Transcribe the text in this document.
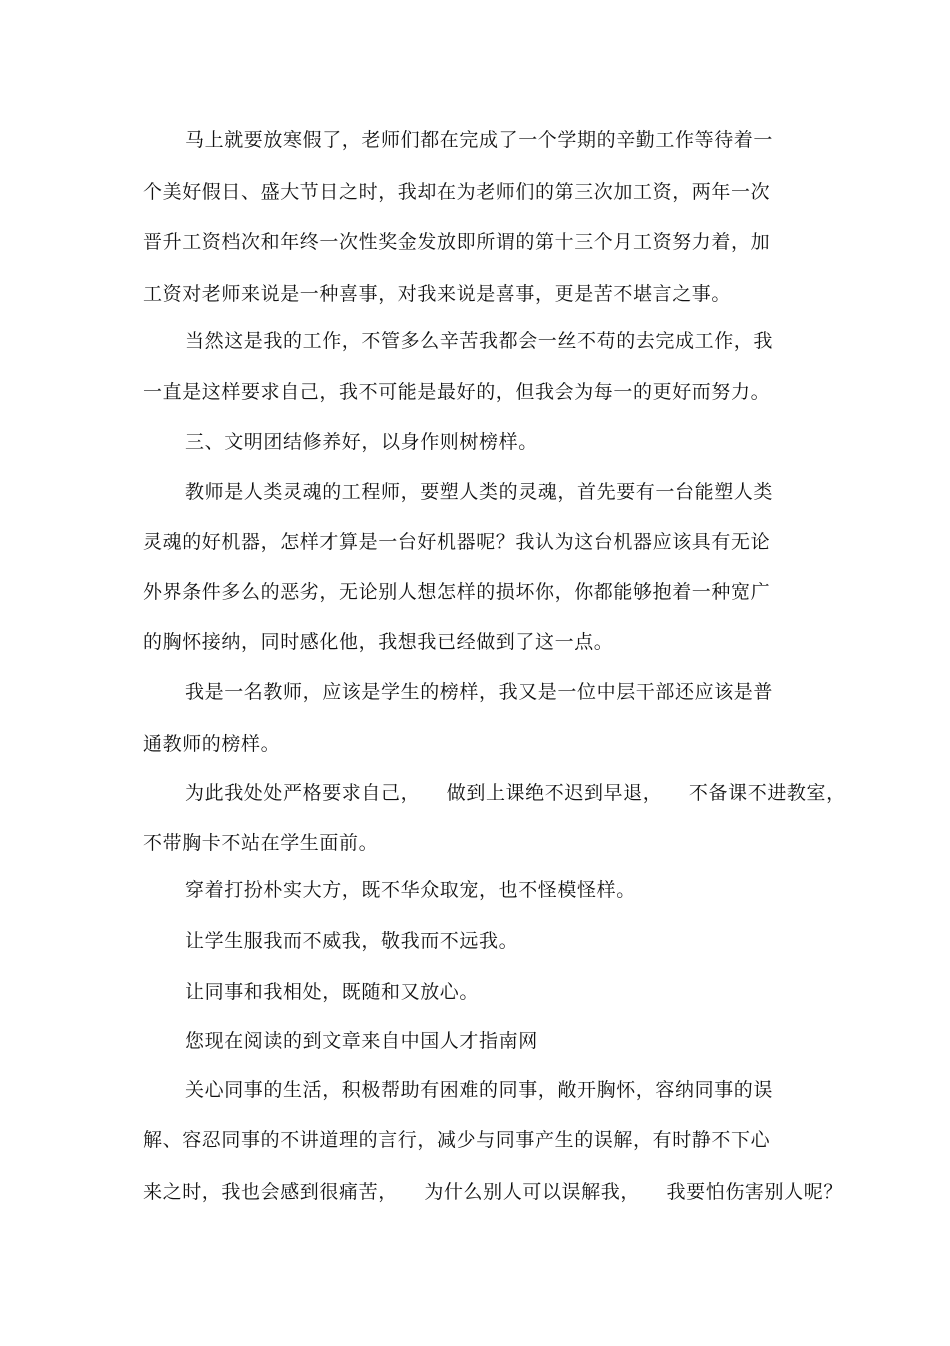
马上就要放寒假了，老师们都在完成了一个学期的辛勤工作等待着一
个美好假日、盛大节日之时，我却在为老师们的第三次加工资，两年一次
晋升工资档次和年终一次性奖金发放即所谓的第十三个月工资努力着，加
工资对老师来说是一种喜事，对我来说是喜事，更是苦不堪言之事。
当然这是我的工作，不管多么辛苦我都会一丝不苟的去完成工作，我
一直是这样要求自己，我不可能是最好的，但我会为每一的更好而努力。
三、文明团结修养好，以身作则树榜样。
教师是人类灵魂的工程师，要塑人类的灵魂，首先要有一台能塑人类
灵魂的好机器，怎样才算是一台好机器呢？我认为这台机器应该具有无论
外界条件多么的恶劣，无论别人想怎样的损坏你，你都能够抱着一种宽广
的胸怀接纳，同时感化他，我想我已经做到了这一点。
我是一名教师，应该是学生的榜样，我又是一位中层干部还应该是普
通教师的榜样。
为此我处处严格要求自己，    做到上课绝不迟到早退，    不备课不进教室，
不带胸卡不站在学生面前。
穿着打扮朴实大方，既不华众取宠，也不怪模怪样。
让学生服我而不威我，敬我而不远我。
让同事和我相处，既随和又放心。
您现在阅读的到文章来自中国人才指南网
关心同事的生活，积极帮助有困难的同事，敞开胸怀，容纳同事的误
解、容忍同事的不讲道理的言行，减少与同事产生的误解，有时静不下心
来之时，我也会感到很痛苦，    为什么别人可以误解我，    我要怕伤害别人呢？
